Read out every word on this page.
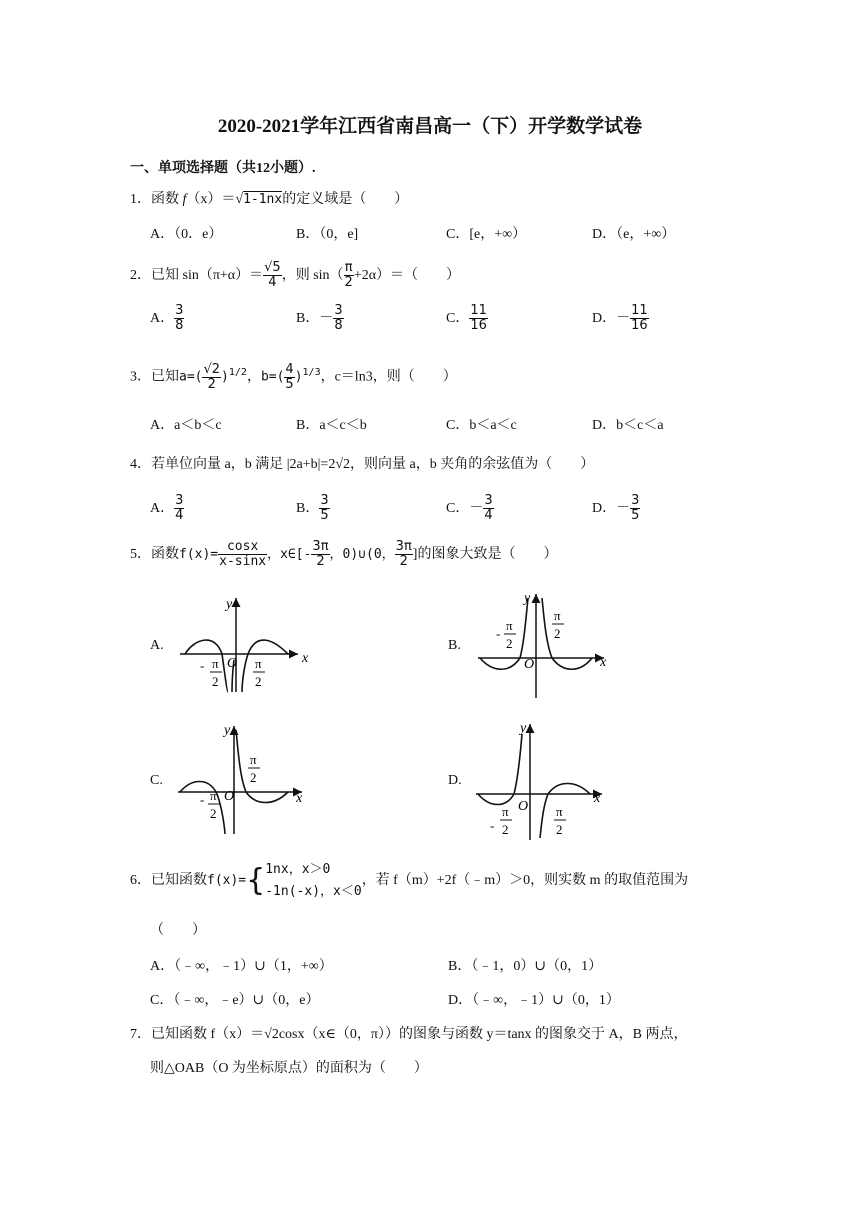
2020-2021学年江西省南昌高一（下）开学数学试卷
一、单项选择题（共12小题）.
1．函数 f（x）＝√1-1nx的定义域是（　　）
A．（0．e）	B．（0，e]	C．[e，+∞）	D．（e，+∞）
2．已知 $\sin(\pi+\alpha)= \frac{√5}{4}$ ，则 $\sin( \frac{\pi}{2} +2\alpha)=$（　　）
A． $\frac{3}{8}$	B．－ $\frac{3}{8}$	C． $\frac{11}{16}$	D．－ $\frac{11}{16}$
3．已知$a=( \frac{√2}{2} )^{1/2}$，$b=( \frac{4}{5} )^{1/3}$，c＝ln3，则（　　）
A．a＜b＜c	B．a＜c＜b	C．b＜a＜c	D．b＜c＜a
4．若单位向量 a，b 满足 |2a+b|=2√2，则向量 a，b 夹角的余弦值为（　　）
A． $\frac{3}{4}$	B． $\frac{3}{5}$	C．－ $\frac{3}{4}$	D．－ $\frac{3}{5}$
5．函数$f(x)= \frac{\cos x}{x-\sin x}$ ，x∈[- $\frac{3\pi}{2}$ ，0)∪(0， $\frac{3\pi}{2}$ ]的图象大致是（　　）
A.	B.
C.	D.
y
x
O
- π
2
π
2
y
x
O
-
π
2
π
2
y
x
O
- π
2
π
2
y
x
O
-
π
2
π
2
6．已知函数f(x)={ 1nx，x＞0
-1n(-x)，x＜0
，若 f（m）+2f（﹣m）＞0，则实数 m 的取值范围为
（　　）
A．（﹣∞，﹣1）∪（1，+∞）	B．（﹣1，0）∪（0，1）
C．（﹣∞，﹣e）∪（0，e）	D．（﹣∞，﹣1）∪（0，1）
7．已知函数 f（x）＝√2cosx（x∈（0，π））的图象与函数 y＝tanx 的图象交于 A，B 两点，
则△OAB（O 为坐标原点）的面积为（　　）
